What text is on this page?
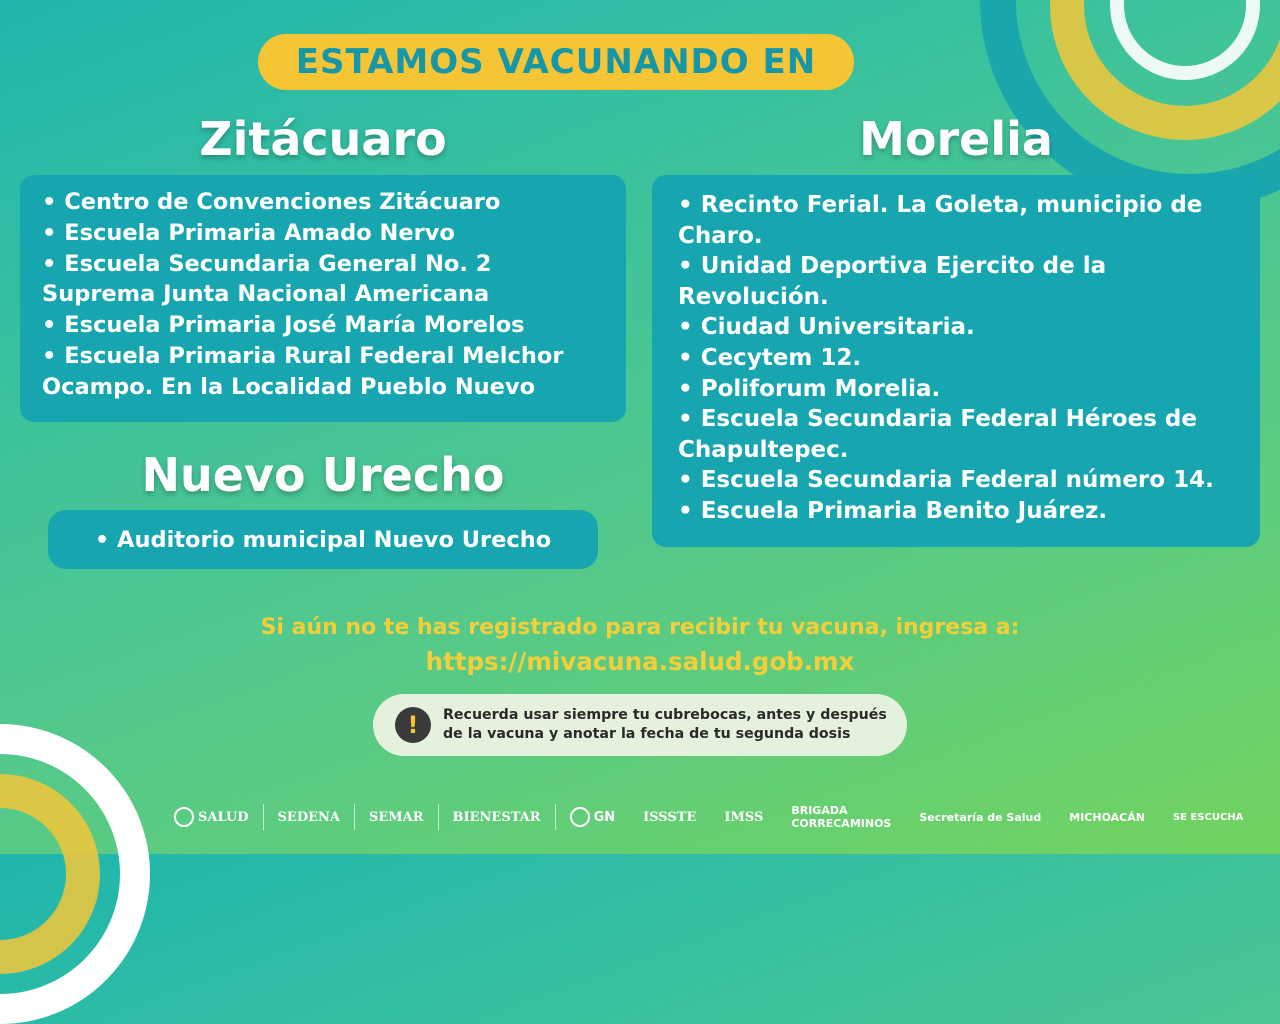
ESTAMOS VACUNANDO EN
Zitácuaro

• Centro de Convenciones Zitácuaro

• Escuela Primaria Amado Nervo

• Escuela Secundaria General No. 2 Suprema Junta Nacional Americana

• Escuela Primaria José María Morelos

• Escuela Primaria Rural Federal Melchor Ocampo. En la Localidad Pueblo Nuevo

Nuevo Urecho

• Auditorio municipal Nuevo Urecho

Morelia

• Recinto Ferial. La Goleta, municipio de Charo.

• Unidad Deportiva Ejercito de la Revolución.

• Ciudad Universitaria.

• Cecytem 12.

• Poliforum Morelia.

• Escuela Secundaria Federal Héroes de Chapultepec.

• Escuela Secundaria Federal número 14.

• Escuela Primaria Benito Juárez.

Si aún no te has registrado para recibir tu vacuna, ingresa a:
https://mivacuna.salud.gob.mx
!	Recuerda usar siempre tu cubrebocas, antes y después
de la vacuna y anotar la fecha de tu segunda dosis
SALUD SEDENA SEMAR BIENESTAR	GN ISSSTE IMSS	BRIGADA
CORRECAMINOS	Secretaría de Salud	MICHOACÁN	SE ESCUCHA
